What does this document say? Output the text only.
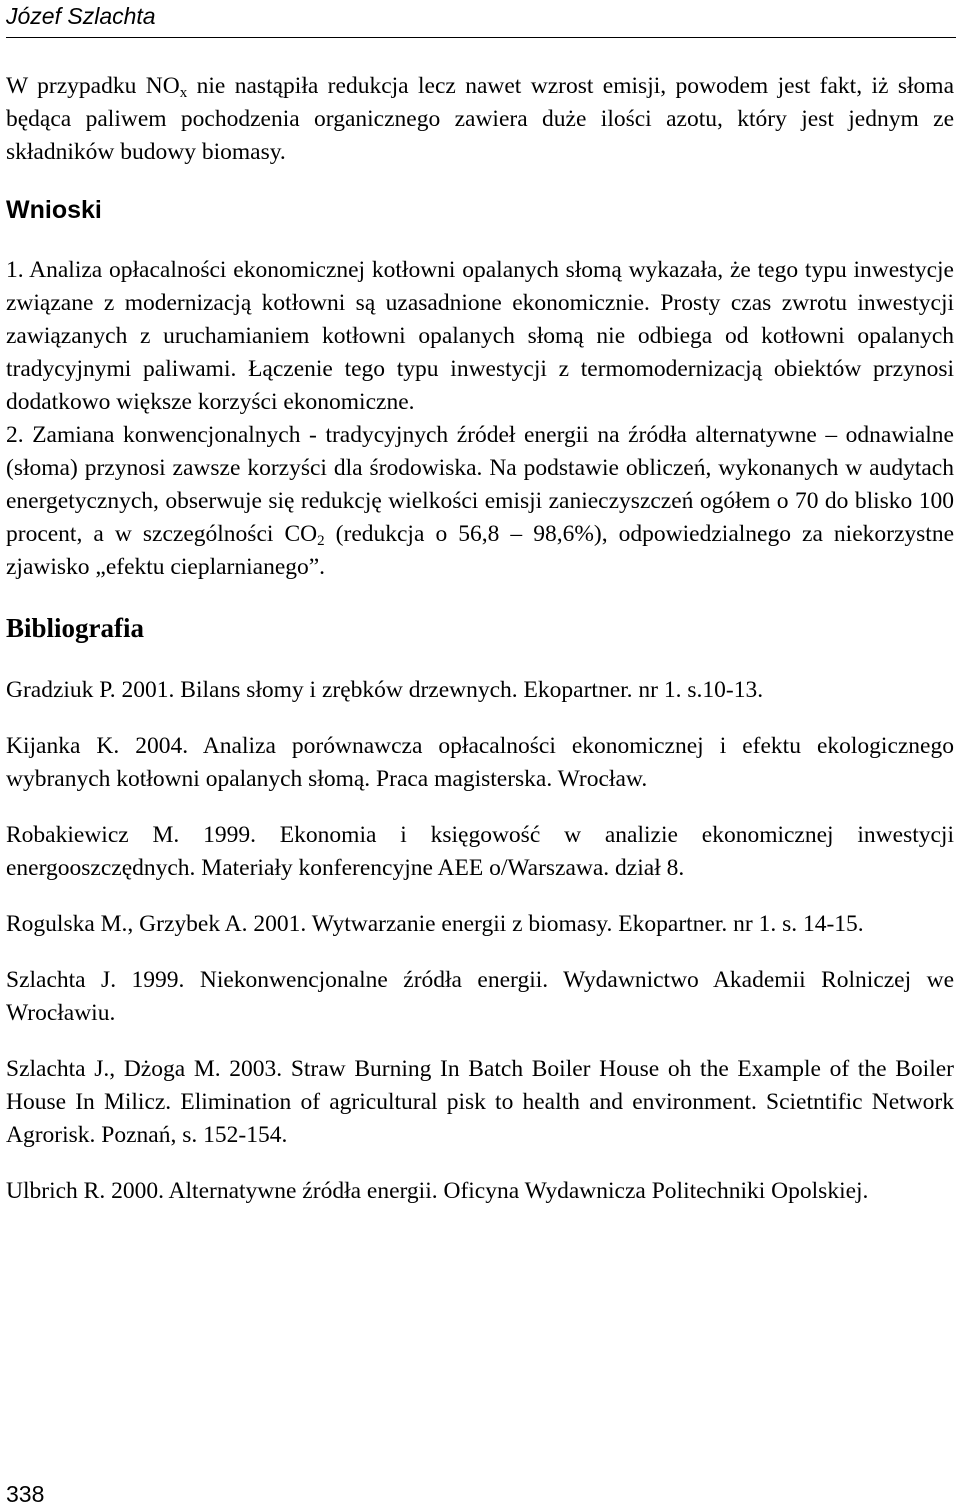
Józef Szlachta

W przypadku $NO_x$ nie nastąpiła redukcja lecz nawet wzrost emisji, powodem jest fakt, iż słoma będąca paliwem pochodzenia organicznego zawiera duże ilości azotu, który jest jednym ze składników budowy biomasy.

Wnioski

1. Analiza opłacalności ekonomicznej kotłowni opalanych słomą wykazała, że tego typu inwestycje związane z modernizacją kotłowni są uzasadnione ekonomicznie. Prosty czas zwrotu inwestycji zawiązanych z uruchamianiem kotłowni opalanych słomą nie odbiega od kotłowni opalanych tradycyjnymi paliwami. Łączenie tego typu inwestycji z termomodernizacją obiektów przynosi dodatkowo większe korzyści ekonomiczne.

2. Zamiana konwencjonalnych - tradycyjnych źródeł energii na źródła alternatywne – odnawialne (słoma) przynosi zawsze korzyści dla środowiska. Na podstawie obliczeń, wykonanych w audytach energetycznych, obserwuje się redukcję wielkości emisji zanieczyszczeń ogółem o 70 do blisko 100 procent, a w szczególności $CO_2$ (redukcja o 56,8 – 98,6%), odpowiedzialnego za niekorzystne zjawisko „efektu cieplarnianego”.

Bibliografia

Gradziuk P. 2001. Bilans słomy i zrębków drzewnych. Ekopartner. nr 1. s.10-13.

Kijanka K. 2004. Analiza porównawcza opłacalności ekonomicznej i efektu ekologicznego wybranych kotłowni opalanych słomą. Praca magisterska. Wrocław.

Robakiewicz M. 1999. Ekonomia i księgowość w analizie ekonomicznej inwestycji energooszczędnych. Materiały konferencyjne AEE o/Warszawa. dział 8.

Rogulska M., Grzybek A. 2001. Wytwarzanie energii z biomasy. Ekopartner. nr 1. s. 14-15.

Szlachta J. 1999. Niekonwencjonalne źródła energii. Wydawnictwo Akademii Rolniczej we Wrocławiu.

Szlachta J., Dżoga M. 2003. Straw Burning In Batch Boiler House oh the Example of the Boiler House In Milicz. Elimination of agricultural pisk to health and environment. Scietntific Network Agrorisk. Poznań, s. 152-154.

Ulbrich R. 2000. Alternatywne źródła energii. Oficyna Wydawnicza Politechniki Opolskiej.

338
